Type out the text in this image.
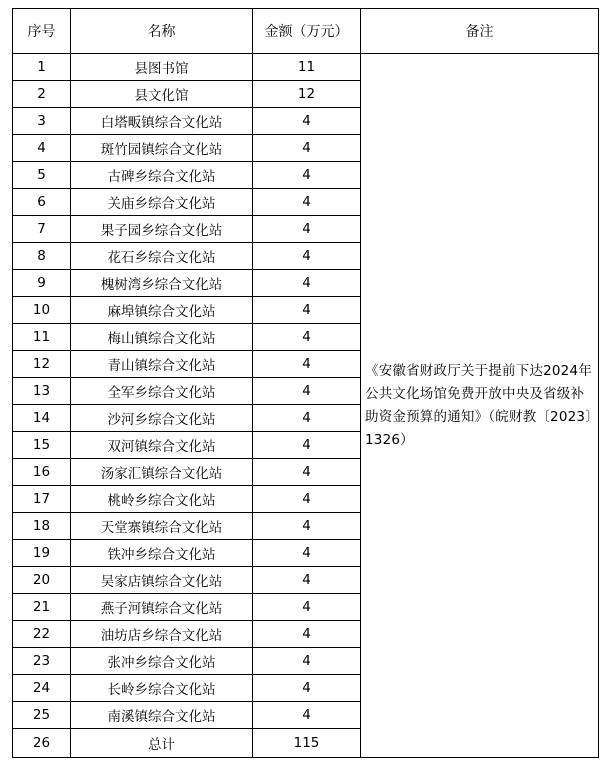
序号	名称	金额（万元）	备注
1	县图书馆	11	《安徽省财政厅关于提前下达2024年公共文化场馆免费开放中央及省级补助资金预算的通知》（皖财教〔2023〕1326）
2	县文化馆	12	
3	白塔畈镇综合文化站	4	
4	斑竹园镇综合文化站	4	
5	古碑乡综合文化站	4	
6	关庙乡综合文化站	4	
7	果子园乡综合文化站	4	
8	花石乡综合文化站	4	
9	槐树湾乡综合文化站	4	
10	麻埠镇综合文化站	4	
11	梅山镇综合文化站	4	
12	青山镇综合文化站	4	
13	全军乡综合文化站	4	
14	沙河乡综合文化站	4	
15	双河镇综合文化站	4	
16	汤家汇镇综合文化站	4	
17	桃岭乡综合文化站	4	
18	天堂寨镇综合文化站	4	
19	铁冲乡综合文化站	4	
20	吴家店镇综合文化站	4	
21	燕子河镇综合文化站	4	
22	油坊店乡综合文化站	4	
23	张冲乡综合文化站	4	
24	长岭乡综合文化站	4	
25	南溪镇综合文化站	4	
26	总计	115	
